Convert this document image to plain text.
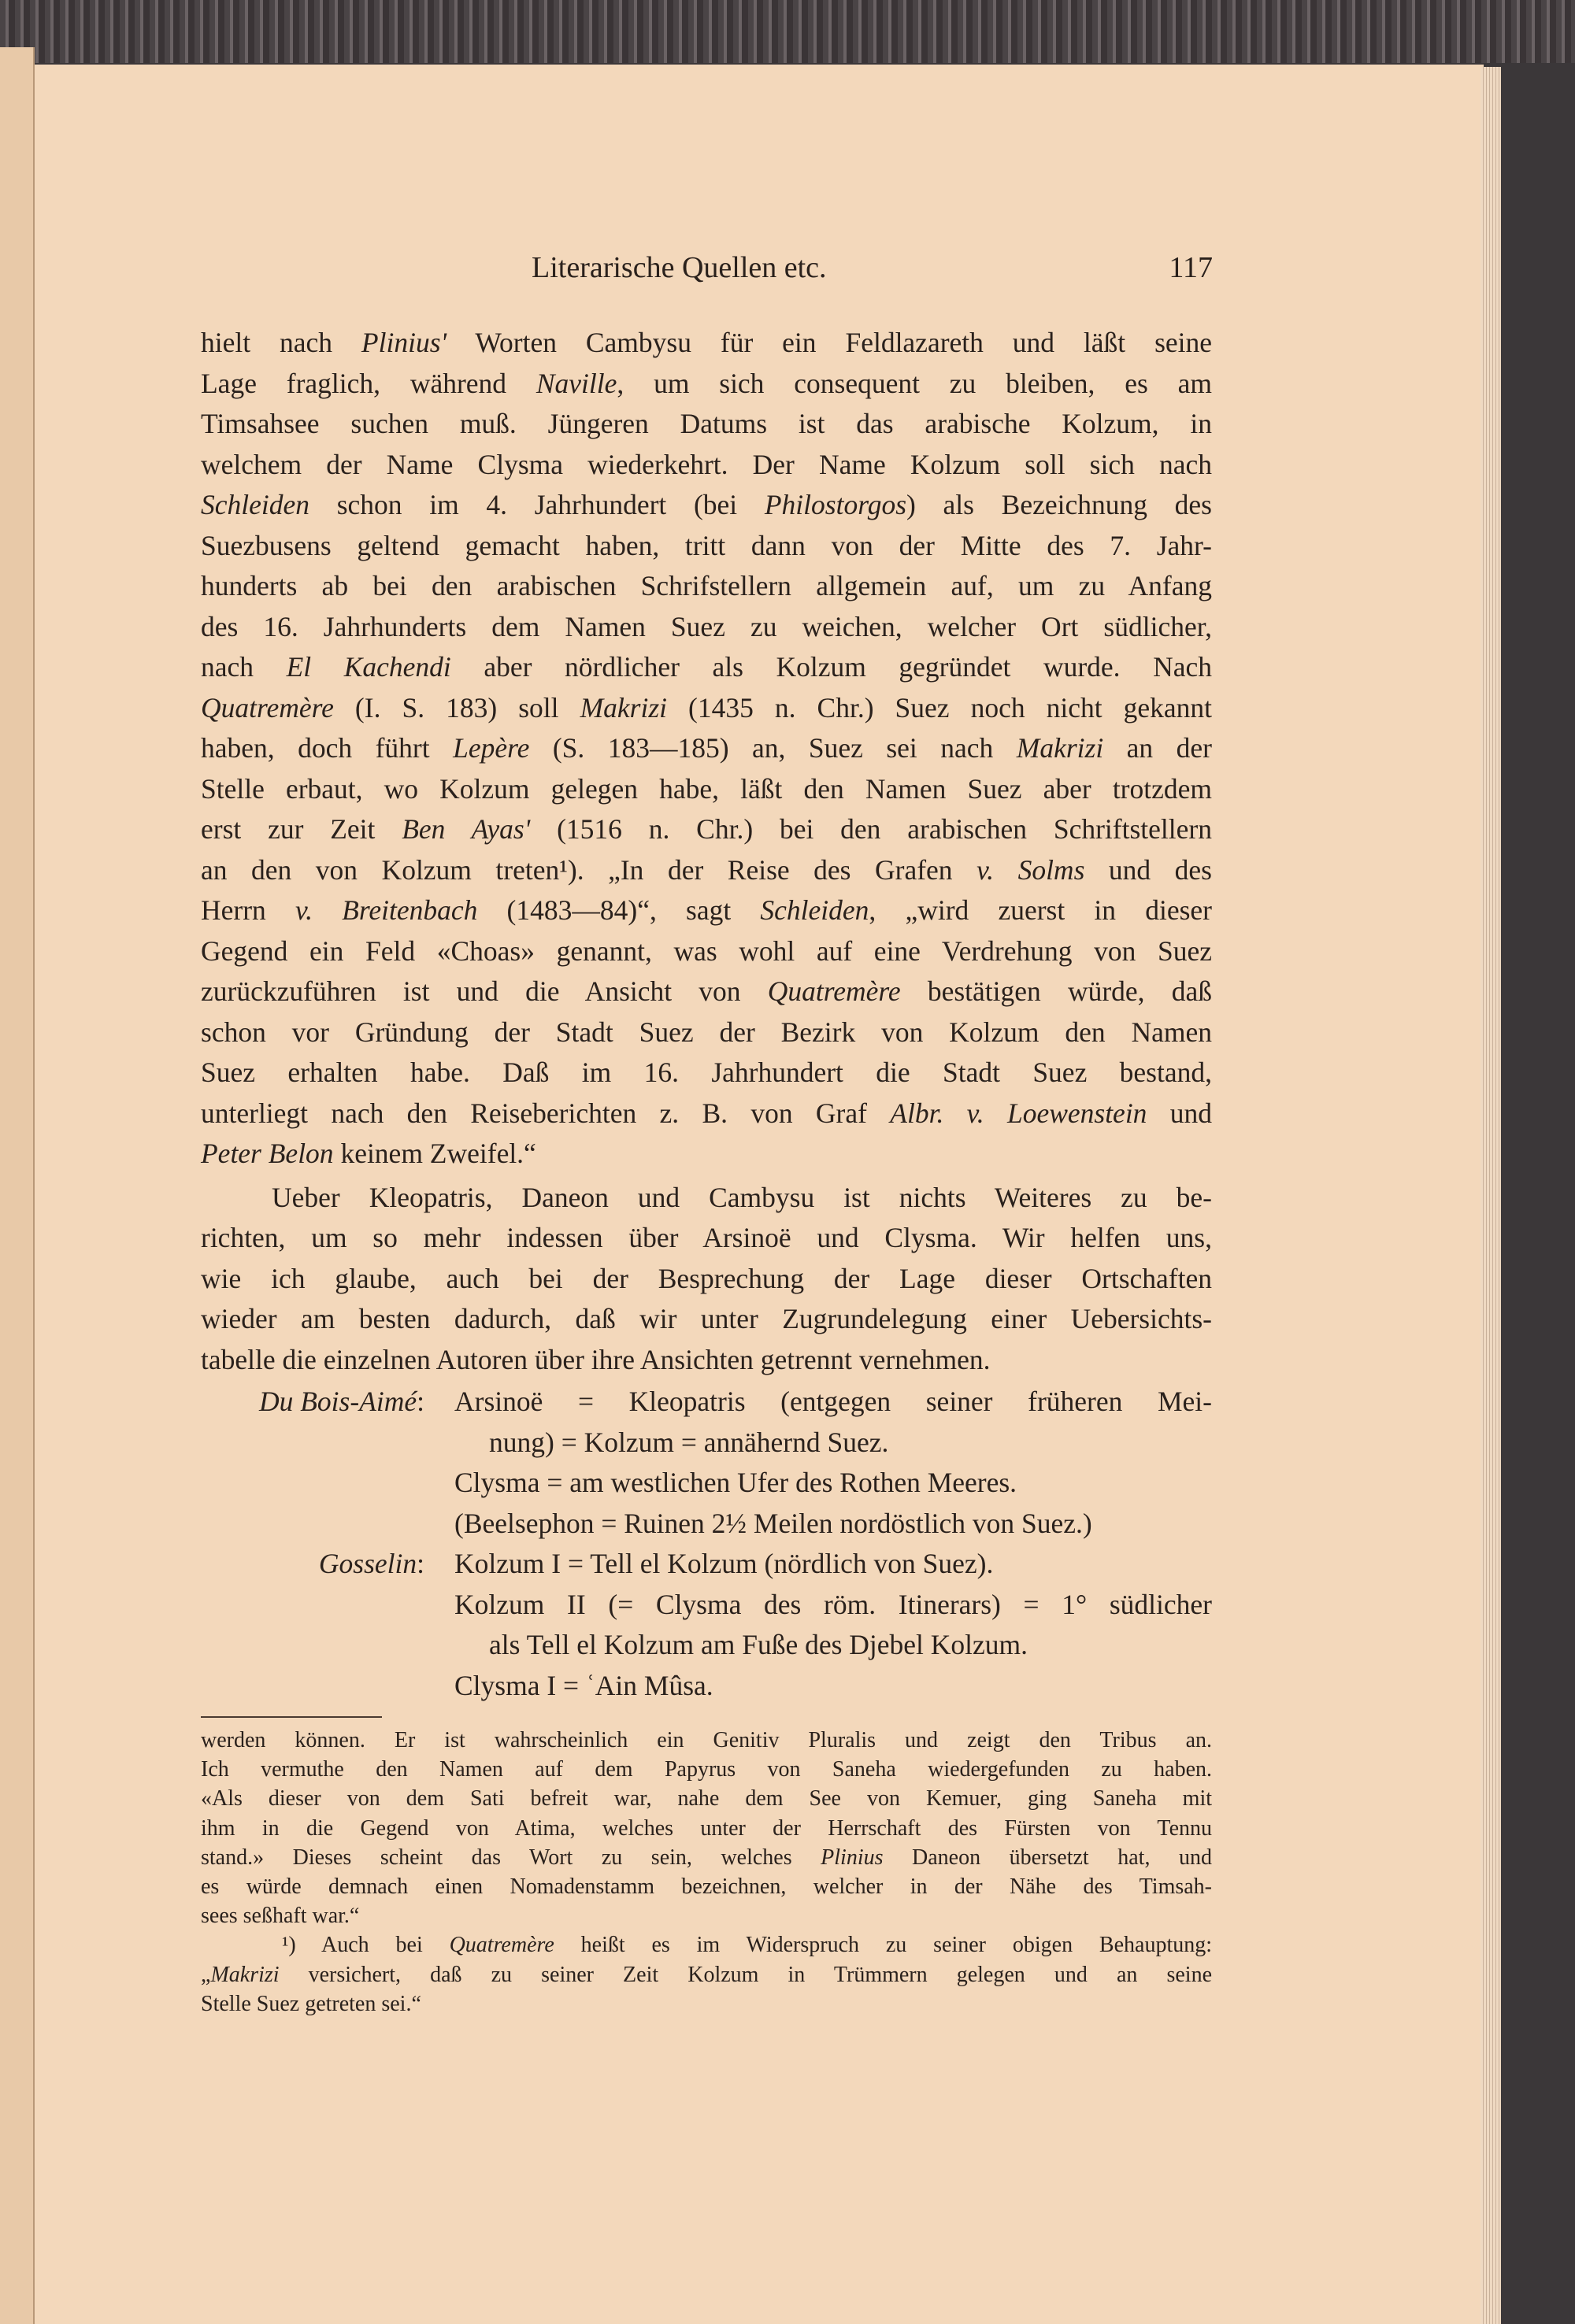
Literarische Quellen etc.	117
hielt nach Plinius' Worten Cambysu für ein Feldlazareth und läßt seine
Lage fraglich, während Naville, um sich consequent zu bleiben, es am
Timsahsee suchen muß. Jüngeren Datums ist das arabische Kolzum, in
welchem der Name Clysma wiederkehrt. Der Name Kolzum soll sich nach
Schleiden schon im 4. Jahrhundert (bei Philostorgos) als Bezeichnung des
Suezbusens geltend gemacht haben, tritt dann von der Mitte des 7. Jahr-
hunderts ab bei den arabischen Schrifstellern allgemein auf, um zu Anfang
des 16. Jahrhunderts dem Namen Suez zu weichen, welcher Ort südlicher,
nach El Kachendi aber nördlicher als Kolzum gegründet wurde. Nach
Quatremère (I. S. 183) soll Makrizi (1435 n. Chr.) Suez noch nicht gekannt
haben, doch führt Lepère (S. 183—185) an, Suez sei nach Makrizi an der
Stelle erbaut, wo Kolzum gelegen habe, läßt den Namen Suez aber trotzdem
erst zur Zeit Ben Ayas' (1516 n. Chr.) bei den arabischen Schriftstellern
an den von Kolzum treten¹). „In der Reise des Grafen v. Solms und des
Herrn v. Breitenbach (1483—84)“, sagt Schleiden, „wird zuerst in dieser
Gegend ein Feld «Choas» genannt, was wohl auf eine Verdrehung von Suez
zurückzuführen ist und die Ansicht von Quatremère bestätigen würde, daß
schon vor Gründung der Stadt Suez der Bezirk von Kolzum den Namen
Suez erhalten habe. Daß im 16. Jahrhundert die Stadt Suez bestand,
unterliegt nach den Reiseberichten z. B. von Graf Albr. v. Loewenstein und
Peter Belon keinem Zweifel.“
Ueber Kleopatris, Daneon und Cambysu ist nichts Weiteres zu be-
richten, um so mehr indessen über Arsinoë und Clysma. Wir helfen uns,
wie ich glaube, auch bei der Besprechung der Lage dieser Ortschaften
wieder am besten dadurch, daß wir unter Zugrundelegung einer Uebersichts-
tabelle die einzelnen Autoren über ihre Ansichten getrennt vernehmen.
Du Bois-Aimé: Arsinoë = Kleopatris (entgegen seiner früheren Mei-
nung) = Kolzum = annähernd Suez.
Clysma = am westlichen Ufer des Rothen Meeres.
(Beelsephon = Ruinen 2½ Meilen nordöstlich von Suez.)
Gosselin: Kolzum I = Tell el Kolzum (nördlich von Suez).
Kolzum II (= Clysma des röm. Itinerars) = 1° südlicher
als Tell el Kolzum am Fuße des Djebel Kolzum.
Clysma I = ʿAin Mûsa.
werden können. Er ist wahrscheinlich ein Genitiv Pluralis und zeigt den Tribus an.
Ich vermuthe den Namen auf dem Papyrus von Saneha wiedergefunden zu haben.
«Als dieser von dem Sati befreit war, nahe dem See von Kemuer, ging Saneha mit
ihm in die Gegend von Atima, welches unter der Herrschaft des Fürsten von Tennu
stand.» Dieses scheint das Wort zu sein, welches Plinius Daneon übersetzt hat, und
es würde demnach einen Nomadenstamm bezeichnen, welcher in der Nähe des Timsah-
sees seßhaft war.“
¹) Auch bei Quatremère heißt es im Widerspruch zu seiner obigen Behauptung:
„Makrizi versichert, daß zu seiner Zeit Kolzum in Trümmern gelegen und an seine
Stelle Suez getreten sei.“
